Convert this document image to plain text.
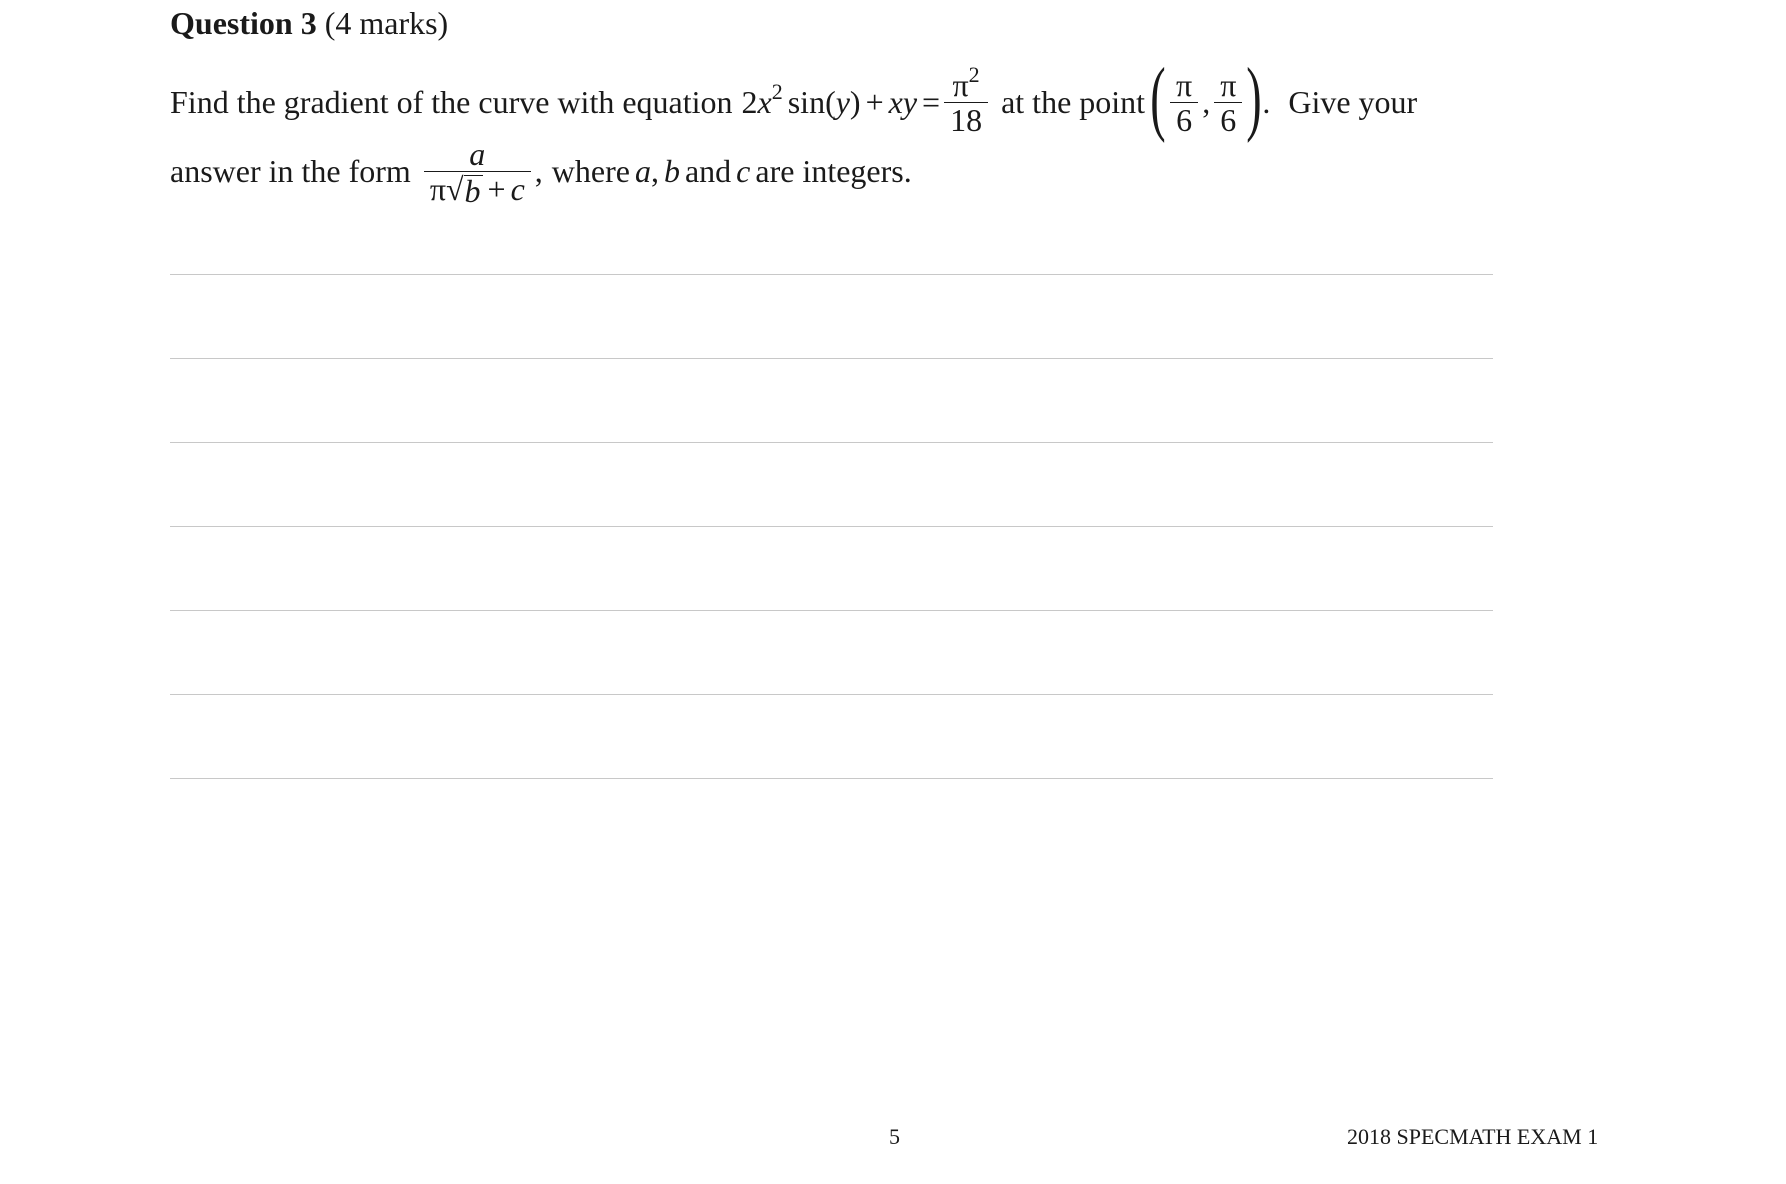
Question 3 (4 marks)
Find the gradient of the curve with equation $2x^2$ sin(y) + xy = $\frac{\pi^2}{18}$ at the point ( $\frac{\pi}{6}$ , $\frac{\pi}{6}$ ) . Give your
answer in the form $\frac{a}{\pi √ b + c}$ , where a , b and c are integers.
5	2018 SPECMATH EXAM 1
